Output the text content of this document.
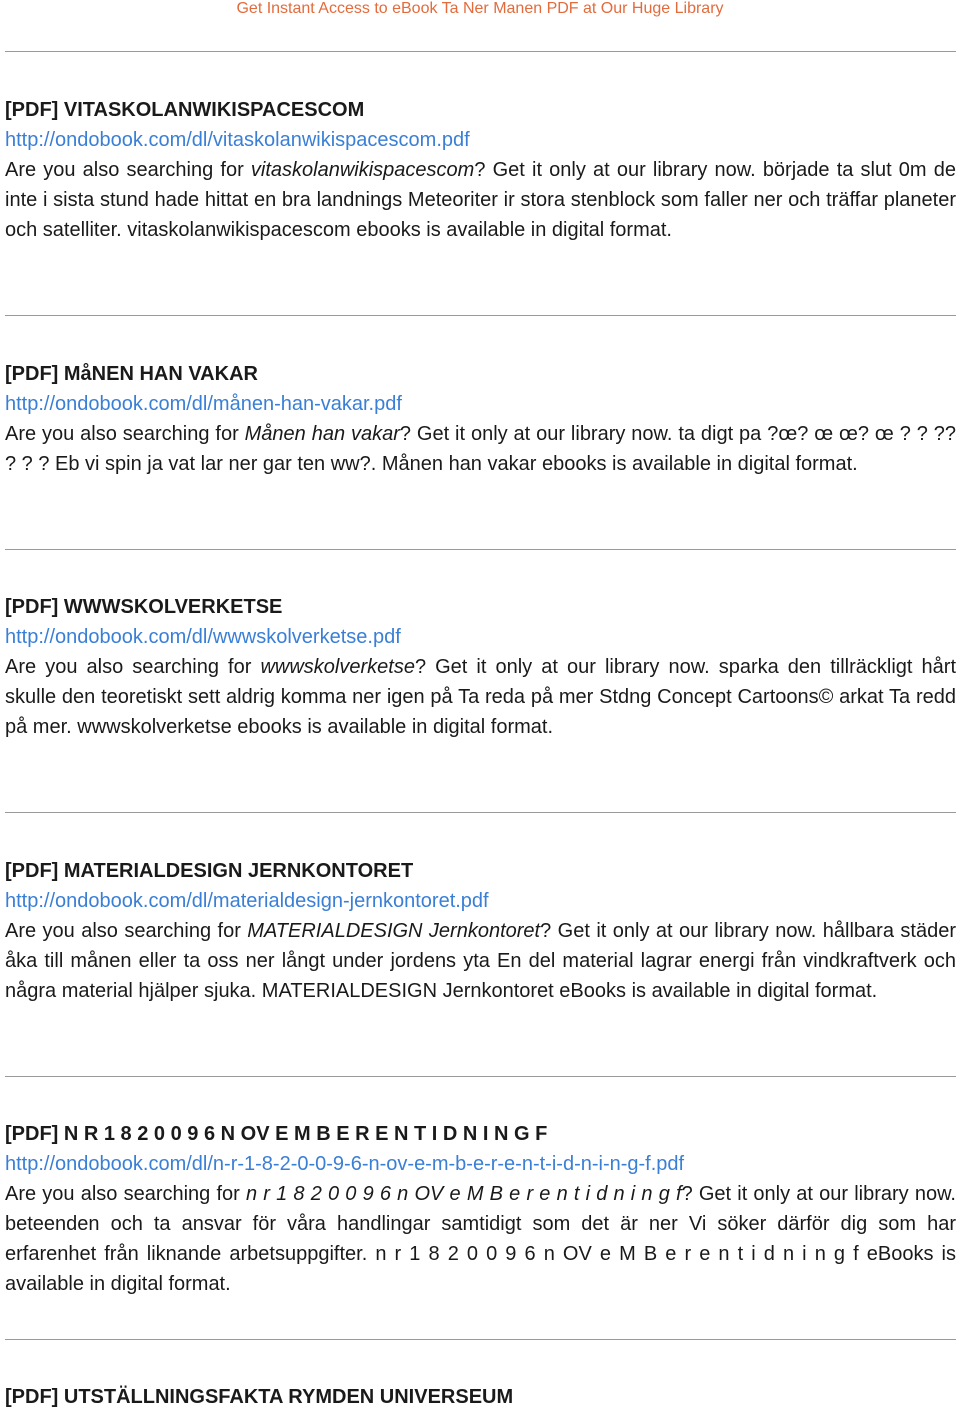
Get Instant Access to eBook Ta Ner Manen PDF at Our Huge Library
[PDF] VITASKOLANWIKISPACESCOM
http://ondobook.com/dl/vitaskolanwikispacescom.pdf

Are you also searching for vitaskolanwikispacescom? Get it only at our library now. började ta slut 0m de inte i sista stund hade hittat en bra landnings Meteoriter ir stora stenblock som faller ner och träffar planeter och satelliter. vitaskolanwikispacescom ebooks is available in digital format.

[PDF] MåNEN HAN VAKAR
http://ondobook.com/dl/månen-han-vakar.pdf

Are you also searching for Månen han vakar? Get it only at our library now. ta digt pa ?œ? œ œ? œ ? ? ?? ? ? ? Eb vi spin ja vat lar ner gar ten ww?. Månen han vakar ebooks is available in digital format.

[PDF] WWWSKOLVERKETSE
http://ondobook.com/dl/wwwskolverketse.pdf

Are you also searching for wwwskolverketse? Get it only at our library now. sparka den tillräckligt hårt skulle den teoretiskt sett aldrig komma ner igen på Ta reda på mer Stdng Concept Cartoons© arkat Ta redd på mer. wwwskolverketse ebooks is available in digital format.

[PDF] MATERIALDESIGN JERNKONTORET
http://ondobook.com/dl/materialdesign-jernkontoret.pdf

Are you also searching for MATERIALDESIGN Jernkontoret? Get it only at our library now. hållbara städer åka till månen eller ta oss ner långt under jordens yta En del material lagrar energi från vindkraftverk och några material hjälper sjuka. MATERIALDESIGN Jernkontoret eBooks is available in digital format.

[PDF] N R 1 8 2 0 0 9 6 N OV E M B E R E N T I D N I N G F
http://ondobook.com/dl/n-r-1-8-2-0-0-9-6-n-ov-e-m-b-e-r-e-n-t-i-d-n-i-n-g-f.pdf

Are you also searching for n r 1 8 2 0 0 9 6 n OV e M B e r e n t i d n i n g f? Get it only at our library now. beteenden och ta ansvar för våra handlingar samtidigt som det är ner Vi söker därför dig som har erfarenhet från liknande arbetsuppgifter. n r 1 8 2 0 0 9 6 n OV e M B e r e n t i d n i n g f eBooks is available in digital format.

[PDF] UTSTÄLLNINGSFAKTA RYMDEN UNIVERSEUM
